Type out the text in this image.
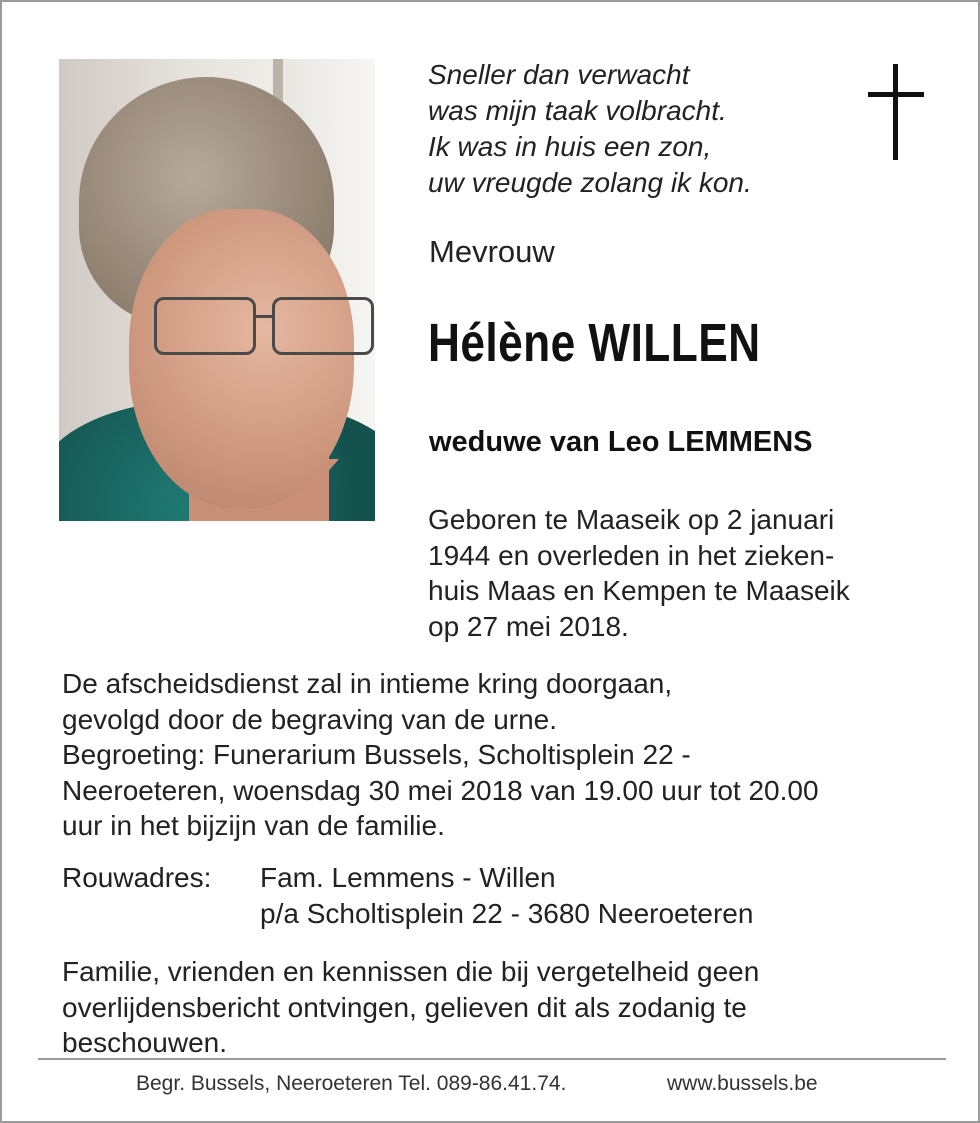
Sneller dan verwacht
was mijn taak volbracht.
Ik was in huis een zon,
uw vreugde zolang ik kon.
Mevrouw
Hélène WILLEN
weduwe van Leo LEMMENS
Geboren te Maaseik op 2 januari
1944 en overleden in het zieken-
huis Maas en Kempen te Maaseik
op 27 mei 2018.
De afscheidsdienst zal in intieme kring doorgaan,
gevolgd door de begraving van de urne.
Begroeting: Funerarium Bussels, Scholtisplein 22 -
Neeroeteren, woensdag 30 mei 2018 van 19.00 uur tot 20.00
uur in het bijzijn van de familie.
Rouwadres: Fam. Lemmens - Willen
p/a Scholtisplein 22 - 3680 Neeroeteren
Familie, vrienden en kennissen die bij vergetelheid geen
overlijdensbericht ontvingen, gelieven dit als zodanig te
beschouwen.
Begr. Bussels, Neeroeteren Tel. 089-86.41.74.	www.bussels.be
